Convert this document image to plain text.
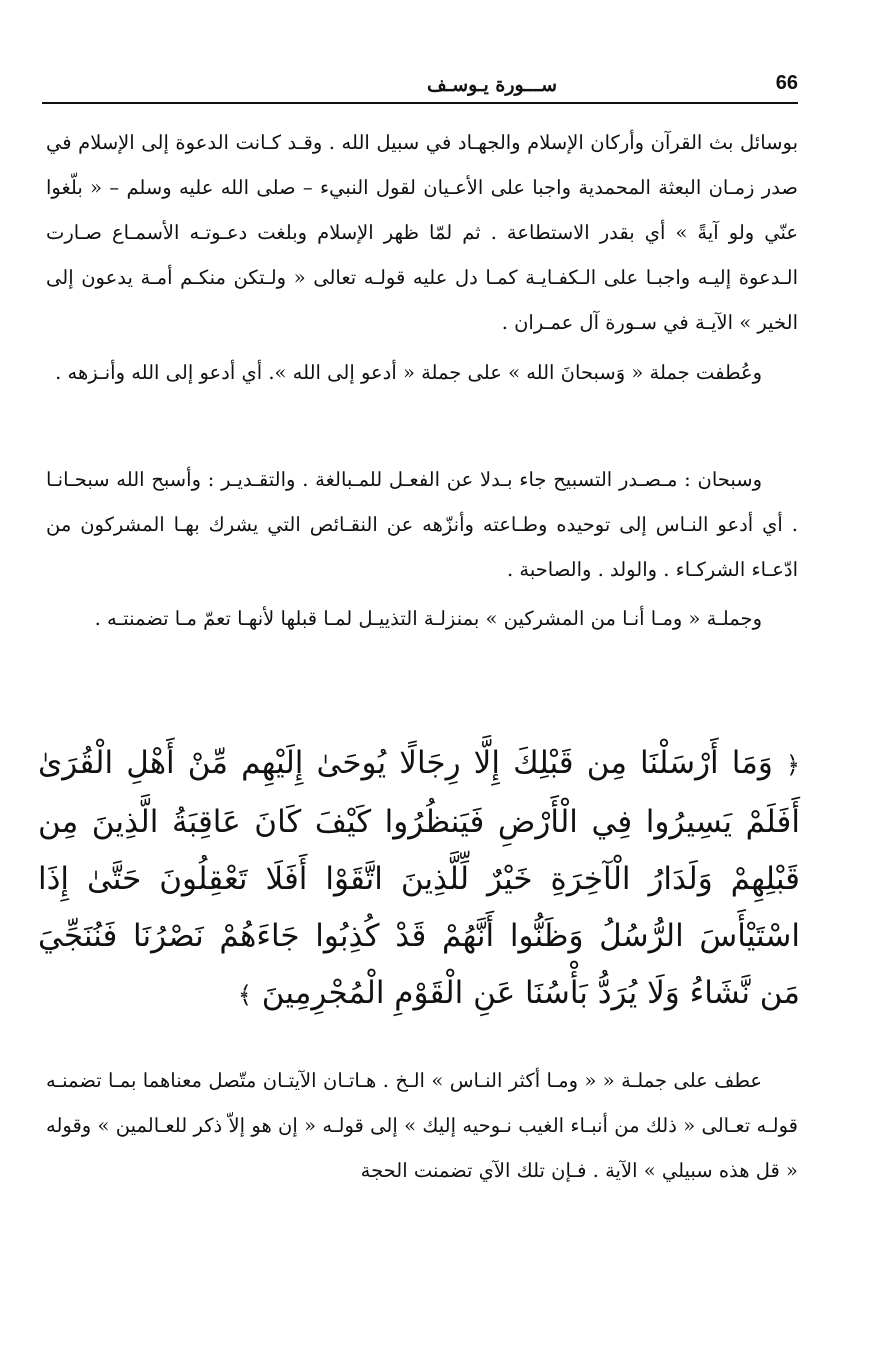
66
ســـورة يـوسـف

بوسائل بث القرآن وأركان الإسلام والجهـاد في سبيل الله . وقـد كـانت الدعوة إلى الإسلام في صدر زمـان البعثة المحمدية واجبا على الأعـيان لقول النبيء – صلى الله عليه وسلم – « بلّغوا عنّي ولو آيةً » أي بقدر الاستطاعة . ثم لمّا ظهر الإسلام وبلغت دعـوتـه الأسمـاع صـارت الـدعوة إليـه واجبـا على الـكفـايـة كمـا دل عليه قولـه تعالى « ولـتكن منكـم أمـة يدعون إلى الخير » الآيـة في سـورة آل عمـران .

وعُطفت جملة « وَسبحانَ الله » على جملة « أدعو إلى الله ». أي أدعو إلى الله وأنـزهه .

وسبحان : مـصـدر التسبيح جاء بـدلا عن الفعـل للمـبالغة . والتقـديـر : وأسبح الله سبحـانـا . أي أدعو النـاس إلى توحيده وطـاعته وأنزّهه عن النقـائص التي يشرك بهـا المشركون من ادّعـاء الشركـاء . والولد . والصاحبة .

وجملـة « ومـا أنـا من المشركين » بمنزلـة التذييـل لمـا قبلها لأنهـا تعمّ مـا تضمنتـه .

﴿ وَمَا أَرْسَلْنَا مِن قَبْلِكَ إِلَّا رِجَالًا يُوحَىٰ إِلَيْهِم مِّنْ أَهْلِ الْقُرَىٰ أَفَلَمْ يَسِيرُوا فِي الْأَرْضِ فَيَنظُرُوا كَيْفَ كَانَ عَاقِبَةُ الَّذِينَ مِن قَبْلِهِمْ وَلَدَارُ الْآخِرَةِ خَيْرٌ لِّلَّذِينَ اتَّقَوْا أَفَلَا تَعْقِلُونَ حَتَّىٰ إِذَا اسْتَيْأَسَ الرُّسُلُ وَظَنُّوا أَنَّهُمْ قَدْ كُذِبُوا جَاءَهُمْ نَصْرُنَا فَنُنَجِّيَ مَن نَّشَاءُ وَلَا يُرَدُّ بَأْسُنَا عَنِ الْقَوْمِ الْمُجْرِمِينَ ﴾

عطف على جملـة « « ومـا أكثر النـاس » الـخ . هـاتـان الآيتـان متّصل معناهما بمـا تضمنـه قولـه تعـالى « ذلك من أنبـاء الغيب نـوحيه إليك » إلى قولـه « إن هو إلاّ ذكر للعـالمين » وقوله « قل هذه سبيلي » الآية . فـإن تلك الآي تضمنت الحجة
